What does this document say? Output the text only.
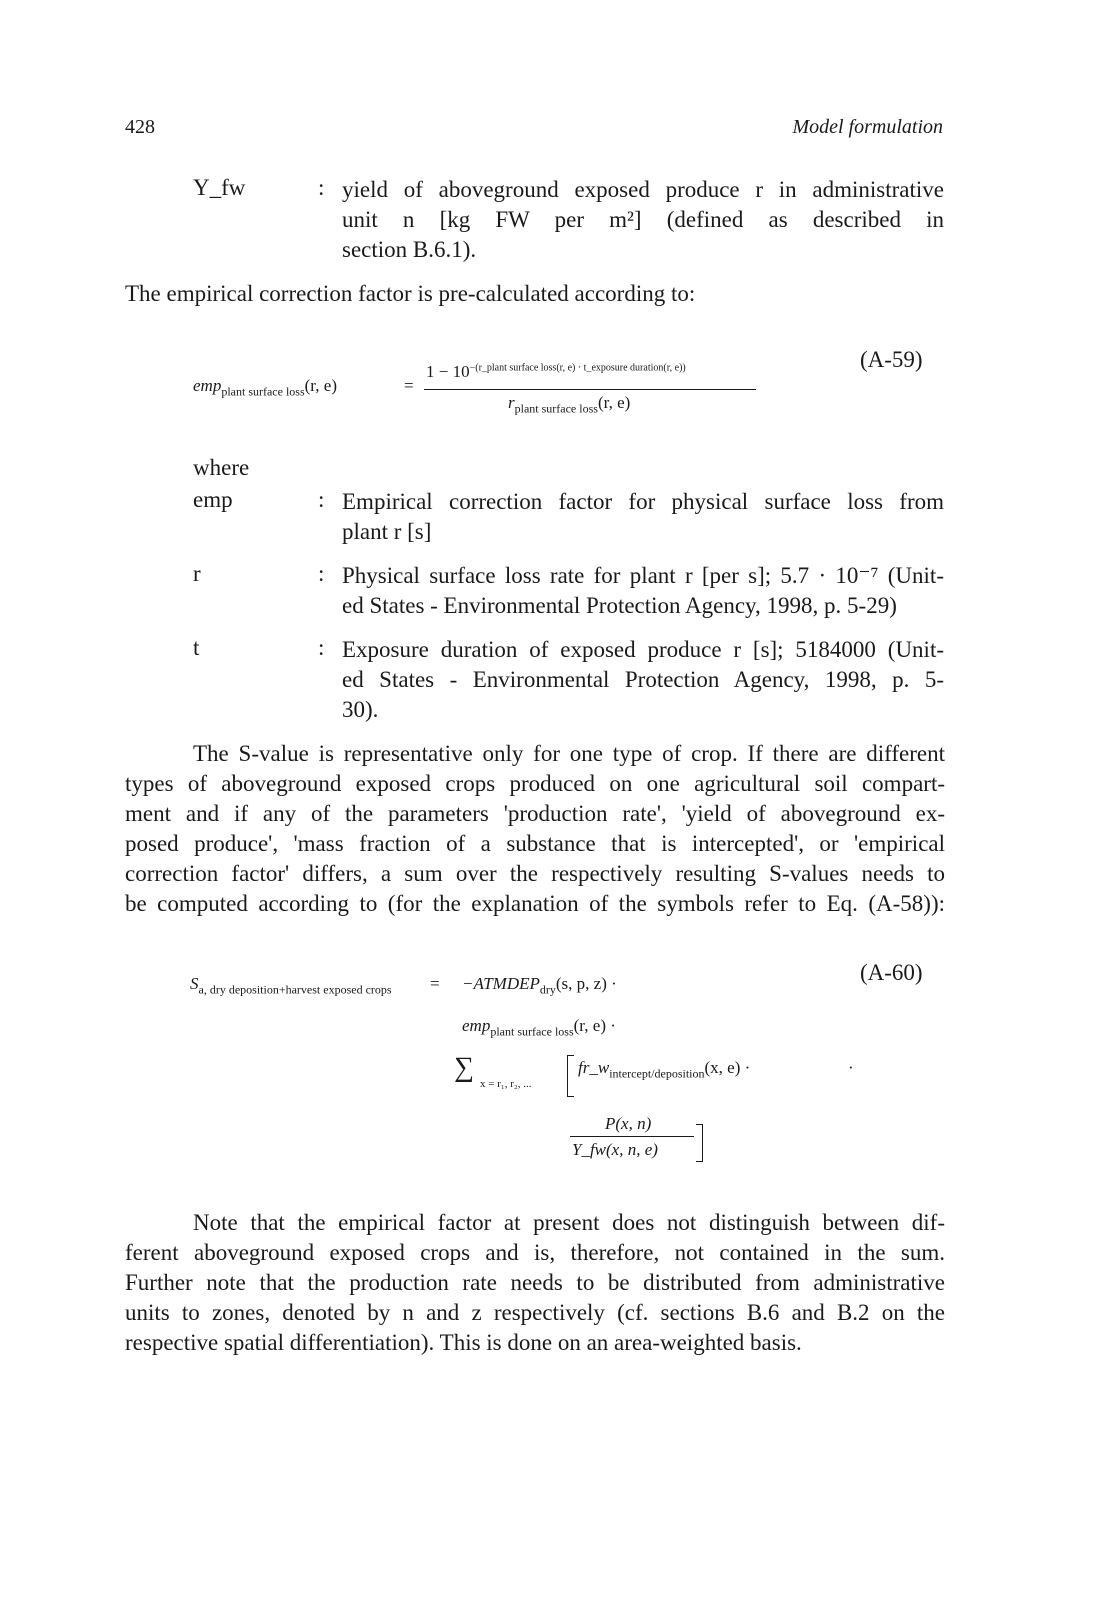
428	Model formulation
Y_fw	: yield of aboveground exposed produce r in administrative
unit n [kg FW per m²] (defined as described in
section B.6.1).
The empirical correction factor is pre-calculated according to:
emp$_{plant surface loss}$(r, e)	=
$1 - 10^{-(r\_plant surface loss(r, e) \cdot t\_exposure duration(r, e))}$
$r_{plant surface loss}(r$, e)
(A-59)
where
emp	: Empirical correction factor for physical surface loss from
plant r [s]
r	: Physical surface loss rate for plant r [per s]; 5.7 · 10⁻⁷ (Unit-
ed States - Environmental Protection Agency, 1998, p. 5-29)
t	: Exposure duration of exposed produce r [s]; 5184000 (Unit-
ed States - Environmental Protection Agency, 1998, p. 5-
30).
The S-value is representative only for one type of crop. If there are different
types of aboveground exposed crops produced on one agricultural soil compart-
ment and if any of the parameters 'production rate', 'yield of aboveground ex-
posed produce', 'mass fraction of a substance that is intercepted', or 'empirical
correction factor' differs, a sum over the respectively resulting S-values needs to
be computed according to (for the explanation of the symbols refer to Eq. (A-58)):
$S_{a, dry deposition+harvest exposed crops}$ = $-ATMDEP_{dry}(s$, p, z) ·	(A-60)
emp$_{plant surface loss}$(r, e) ·
∑
x = r₁, r₂, ...
$fr\_w_{intercept/deposition}(x$, e) ·	·
P(x, n)
Y_fw(x, n, e)
Note that the empirical factor at present does not distinguish between dif-
ferent aboveground exposed crops and is, therefore, not contained in the sum.
Further note that the production rate needs to be distributed from administrative
units to zones, denoted by n and z respectively (cf. sections B.6 and B.2 on the
respective spatial differentiation). This is done on an area-weighted basis.
